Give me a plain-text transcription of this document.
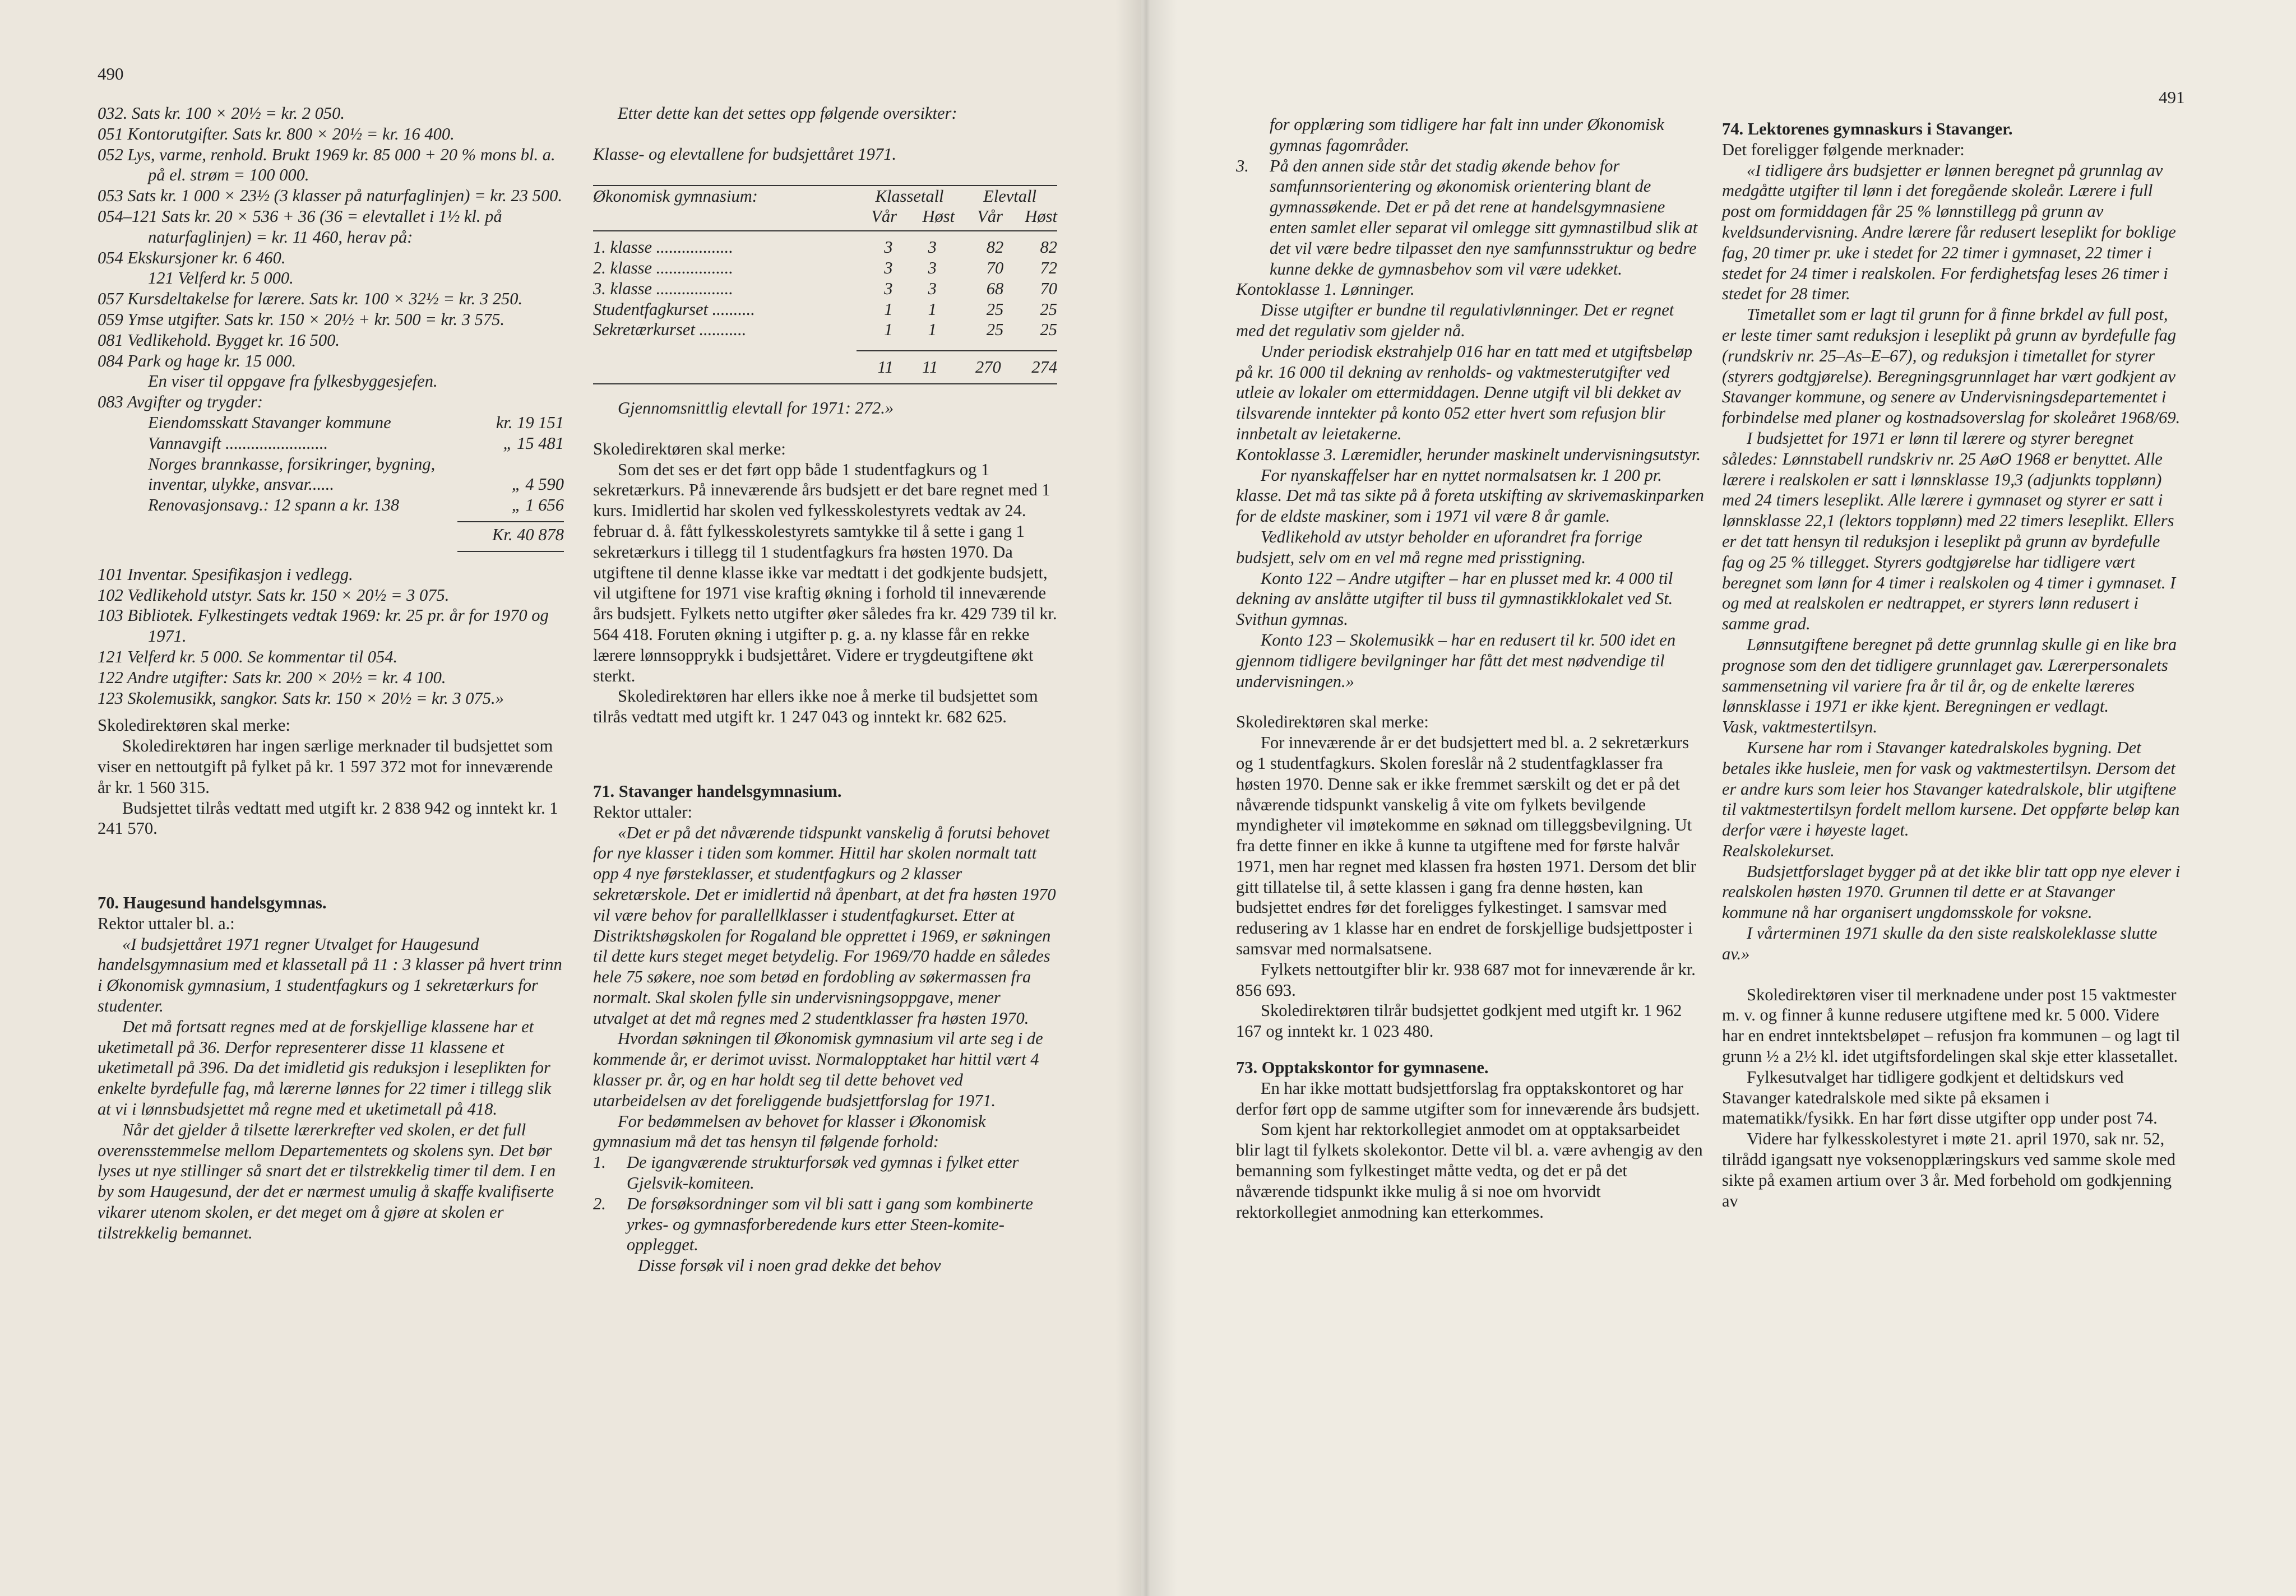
490

032. Sats kr. 100 × 20½ = kr. 2 050.

051 Kontorutgifter. Sats kr. 800 × 20½ = kr. 16 400.

052 Lys, varme, renhold. Brukt 1969 kr. 85 000 + 20 % mons bl. a. på el. strøm = 100 000.

053 Sats kr. 1 000 × 23½ (3 klasser på naturfaglinjen) = kr. 23 500.

054–121 Sats kr. 20 × 536 + 36 (36 = elevtallet i 1½ kl. på naturfaglinjen) = kr. 11 460, herav på:

054 Ekskursjoner kr. 6 460.

121 Velferd kr. 5 000.

057 Kursdeltakelse for lærere. Sats kr. 100 × 32½ = kr. 3 250.

059 Ymse utgifter. Sats kr. 150 × 20½ + kr. 500 = kr. 3 575.

081 Vedlikehold. Bygget kr. 16 500.

084 Park og hage kr. 15 000.

En viser til oppgave fra fylkesbyggesjefen.

083 Avgifter og trygder:

Eiendomsskatt Stavanger kommune	kr. 19 151
Vannavgift ........................	„ 15 481
Norges brannkasse, forsikringer, bygning, inventar, ulykke, ansvar......	„ 4 590
Renovasjonsavg.: 12 spann a kr. 138	„ 1 656
Kr. 40 878

101 Inventar. Spesifikasjon i vedlegg.

102 Vedlikehold utstyr. Sats kr. 150 × 20½ = 3 075.

103 Bibliotek. Fylkestingets vedtak 1969: kr. 25 pr. år for 1970 og 1971.

121 Velferd kr. 5 000. Se kommentar til 054.

122 Andre utgifter: Sats kr. 200 × 20½ = kr. 4 100.

123 Skolemusikk, sangkor. Sats kr. 150 × 20½ = kr. 3 075.»

Skoledirektøren skal merke:

Skoledirektøren har ingen særlige merknader til budsjettet som viser en nettoutgift på fylket på kr. 1 597 372 mot for inneværende år kr. 1 560 315.

Budsjettet tilrås vedtatt med utgift kr. 2 838 942 og inntekt kr. 1 241 570.

70. Haugesund handelsgymnas.

Rektor uttaler bl. a.:

«I budsjettåret 1971 regner Utvalget for Haugesund handelsgymnasium med et klassetall på 11 : 3 klasser på hvert trinn i Økonomisk gymnasium, 1 studentfagkurs og 1 sekretærkurs for studenter.

Det må fortsatt regnes med at de forskjellige klassene har et uketimetall på 36. Derfor representerer disse 11 klassene et uketimetall på 396. Da det imidletid gis reduksjon i leseplikten for enkelte byrdefulle fag, må lærerne lønnes for 22 timer i tillegg slik at vi i lønnsbudsjettet må regne med et uketimetall på 418.

Når det gjelder å tilsette lærerkrefter ved skolen, er det full overensstemmelse mellom Departementets og skolens syn. Det bør lyses ut nye stillinger så snart det er tilstrekkelig timer til dem. I en by som Haugesund, der det er nærmest umulig å skaffe kvalifiserte vikarer utenom skolen, er det meget om å gjøre at skolen er tilstrekkelig bemannet.

Etter dette kan det settes opp følgende oversikter:

Klasse- og elevtallene for budsjettåret 1971.

Økonomisk gymnasium:	Klassetall		Elevtall	
	Vår	Høst	Vår	Høst
1. klasse ..................	3	3	82	82
2. klasse ..................	3	3	70	72
3. klasse ..................	3	3	68	70
Studentfagkurset ..........	1	1	25	25
Sekretærkurset ...........	1	1	25	25
	11	11	270	274

Gjennomsnittlig elevtall for 1971: 272.»

Skoledirektøren skal merke:

Som det ses er det ført opp både 1 studentfagkurs og 1 sekretærkurs. På inneværende års budsjett er det bare regnet med 1 kurs. Imidlertid har skolen ved fylkesskolestyrets vedtak av 24. februar d. å. fått fylkesskolestyrets samtykke til å sette i gang 1 sekretærkurs i tillegg til 1 studentfagkurs fra høsten 1970. Da utgiftene til denne klasse ikke var medtatt i det godkjente budsjett, vil utgiftene for 1971 vise kraftig økning i forhold til inneværende års budsjett. Fylkets netto utgifter øker således fra kr. 429 739 til kr. 564 418. Foruten økning i utgifter p. g. a. ny klasse får en rekke lærere lønnsopprykk i budsjettåret. Videre er trygdeutgiftene økt sterkt.

Skoledirektøren har ellers ikke noe å merke til budsjettet som tilrås vedtatt med utgift kr. 1 247 043 og inntekt kr. 682 625.

71. Stavanger handelsgymnasium.

Rektor uttaler:

«Det er på det nåværende tidspunkt vanskelig å forutsi behovet for nye klasser i tiden som kommer. Hittil har skolen normalt tatt opp 4 nye førsteklasser, et studentfagkurs og 2 klasser sekretærskole. Det er imidlertid nå åpenbart, at det fra høsten 1970 vil være behov for parallellklasser i studentfagkurset. Etter at Distriktshøgskolen for Rogaland ble opprettet i 1969, er søkningen til dette kurs steget meget betydelig. For 1969/70 hadde en således hele 75 søkere, noe som betød en fordobling av søkermassen fra normalt. Skal skolen fylle sin undervisningsoppgave, mener utvalget at det må regnes med 2 studentklasser fra høsten 1970.

Hvordan søkningen til Økonomisk gymnasium vil arte seg i de kommende år, er derimot uvisst. Normalopptaket har hittil vært 4 klasser pr. år, og en har holdt seg til dette behovet ved utarbeidelsen av det foreliggende budsjettforslag for 1971.

For bedømmelsen av behovet for klasser i Økonomisk gymnasium må det tas hensyn til følgende forhold:

1.	De igangværende strukturforsøk ved gymnas i fylket etter Gjelsvik-komiteen.
2.	De forsøksordninger som vil bli satt i gang som kombinerte yrkes- og gymnasforberedende kurs etter Steen-komite-opplegget.

Disse forsøk vil i noen grad dekke det behov

491

for opplæring som tidligere har falt inn under Økonomisk gymnas fagområder.

3.	På den annen side står det stadig økende behov for samfunnsorientering og økonomisk orientering blant de gymnassøkende. Det er på det rene at handelsgymnasiene enten samlet eller separat vil omlegge sitt gymnastilbud slik at det vil være bedre tilpasset den nye samfunnsstruktur og bedre kunne dekke de gymnasbehov som vil være udekket.

Kontoklasse 1. Lønninger.

Disse utgifter er bundne til regulativlønninger. Det er regnet med det regulativ som gjelder nå.

Under periodisk ekstrahjelp 016 har en tatt med et utgiftsbeløp på kr. 16 000 til dekning av renholds- og vaktmesterutgifter ved utleie av lokaler om ettermiddagen. Denne utgift vil bli dekket av tilsvarende inntekter på konto 052 etter hvert som refusjon blir innbetalt av leietakerne.

Kontoklasse 3. Læremidler, herunder maskinelt undervisningsutstyr.

For nyanskaffelser har en nyttet normalsatsen kr. 1 200 pr. klasse. Det må tas sikte på å foreta utskifting av skrivemaskinparken for de eldste maskiner, som i 1971 vil være 8 år gamle.

Vedlikehold av utstyr beholder en uforandret fra forrige budsjett, selv om en vel må regne med prisstigning.

Konto 122 – Andre utgifter – har en plusset med kr. 4 000 til dekning av anslåtte utgifter til buss til gymnastikklokalet ved St. Svithun gymnas.

Konto 123 – Skolemusikk – har en redusert til kr. 500 idet en gjennom tidligere bevilgninger har fått det mest nødvendige til undervisningen.»

Skoledirektøren skal merke:

For inneværende år er det budsjettert med bl. a. 2 sekretærkurs og 1 studentfagkurs. Skolen foreslår nå 2 studentfagklasser fra høsten 1970. Denne sak er ikke fremmet særskilt og det er på det nåværende tidspunkt vanskelig å vite om fylkets bevilgende myndigheter vil imøtekomme en søknad om tilleggsbevilgning. Ut fra dette finner en ikke å kunne ta utgiftene med for første halvår 1971, men har regnet med klassen fra høsten 1971. Dersom det blir gitt tillatelse til, å sette klassen i gang fra denne høsten, kan budsjettet endres før det foreligges fylkestinget. I samsvar med redusering av 1 klasse har en endret de forskjellige budsjettposter i samsvar med normalsatsene.

Fylkets nettoutgifter blir kr. 938 687 mot for inneværende år kr. 856 693.

Skoledirektøren tilrår budsjettet godkjent med utgift kr. 1 962 167 og inntekt kr. 1 023 480.

73. Opptakskontor for gymnasene.

En har ikke mottatt budsjettforslag fra opptakskontoret og har derfor ført opp de samme utgifter som for inneværende års budsjett.

Som kjent har rektorkollegiet anmodet om at opptaksarbeidet blir lagt til fylkets skolekontor. Dette vil bl. a. være avhengig av den bemanning som fylkestinget måtte vedta, og det er på det nåværende tidspunkt ikke mulig å si noe om hvorvidt rektorkollegiet anmodning kan etterkommes.

74. Lektorenes gymnaskurs i Stavanger.

Det foreligger følgende merknader:

«I tidligere års budsjetter er lønnen beregnet på grunnlag av medgåtte utgifter til lønn i det foregående skoleår. Lærere i full post om formiddagen får 25 % lønnstillegg på grunn av kveldsundervisning. Andre lærere får redusert leseplikt for boklige fag, 20 timer pr. uke i stedet for 22 timer i gymnaset, 22 timer i stedet for 24 timer i realskolen. For ferdighetsfag leses 26 timer i stedet for 28 timer.

Timetallet som er lagt til grunn for å finne brkdel av full post, er leste timer samt reduksjon i leseplikt på grunn av byrdefulle fag (rundskriv nr. 25–As–E–67), og reduksjon i timetallet for styrer (styrers godtgjørelse). Beregningsgrunnlaget har vært godkjent av Stavanger kommune, og senere av Undervisningsdepartementet i forbindelse med planer og kostnadsoverslag for skoleåret 1968/69.

I budsjettet for 1971 er lønn til lærere og styrer beregnet således: Lønnstabell rundskriv nr. 25 AøO 1968 er benyttet. Alle lærere i realskolen er satt i lønnsklasse 19,3 (adjunkts topplønn) med 24 timers leseplikt. Alle lærere i gymnaset og styrer er satt i lønnsklasse 22,1 (lektors topplønn) med 22 timers leseplikt. Ellers er det tatt hensyn til reduksjon i leseplikt på grunn av byrdefulle fag og 25 % tillegget. Styrers godtgjørelse har tidligere vært beregnet som lønn for 4 timer i realskolen og 4 timer i gymnaset. I og med at realskolen er nedtrappet, er styrers lønn redusert i samme grad.

Lønnsutgiftene beregnet på dette grunnlag skulle gi en like bra prognose som den det tidligere grunnlaget gav. Lærerpersonalets sammensetning vil variere fra år til år, og de enkelte læreres lønnsklasse i 1971 er ikke kjent. Beregningen er vedlagt.

Vask, vaktmestertilsyn.

Kursene har rom i Stavanger katedralskoles bygning. Det betales ikke husleie, men for vask og vaktmestertilsyn. Dersom det er andre kurs som leier hos Stavanger katedralskole, blir utgiftene til vaktmestertilsyn fordelt mellom kursene. Det oppførte beløp kan derfor være i høyeste laget.

Realskolekurset.

Budsjettforslaget bygger på at det ikke blir tatt opp nye elever i realskolen høsten 1970. Grunnen til dette er at Stavanger kommune nå har organisert ungdomsskole for voksne.

I vårterminen 1971 skulle da den siste realskoleklasse slutte av.»

Skoledirektøren viser til merknadene under post 15 vaktmester m. v. og finner å kunne redusere utgiftene med kr. 5 000. Videre har en endret inntektsbeløpet – refusjon fra kommunen – og lagt til grunn ½ a 2½ kl. idet utgiftsfordelingen skal skje etter klassetallet.

Fylkesutvalget har tidligere godkjent et deltidskurs ved Stavanger katedralskole med sikte på eksamen i matematikk/fysikk. En har ført disse utgifter opp under post 74.

Videre har fylkesskolestyret i møte 21. april 1970, sak nr. 52, tilrådd igangsatt nye voksenopplæringskurs ved samme skole med sikte på examen artium over 3 år. Med forbehold om godkjenning av
